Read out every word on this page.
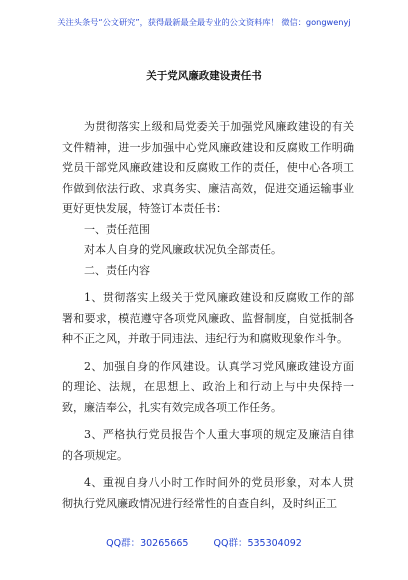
关注头条号“公文研究”，获得最新最全最专业的公文资料库！ 微信：gongwenyj
关于党风廉政建设责任书

为贯彻落实上级和局党委关于加强党风廉政建设的有关文件精神，进一步加强中心党风廉政建设和反腐败工作明确党员干部党风廉政建设和反腐败工作的责任，使中心各项工作做到依法行政、求真务实、廉洁高效，促进交通运输事业更好更快发展，特签订本责任书：

一、责任范围

对本人自身的党风廉政状况负全部责任。

二、责任内容

1、贯彻落实上级关于党风廉政建设和反腐败工作的部署和要求，模范遵守各项党风廉政、监督制度，自觉抵制各种不正之风，并敢于同违法、违纪行为和腐败现象作斗争。

2、加强自身的作风建设。认真学习党风廉政建设方面的理论、法规，在思想上、政治上和行动上与中央保持一致，廉洁奉公，扎实有效完成各项工作任务。

3、严格执行党员报告个人重大事项的规定及廉洁自律的各项规定。

4、重视自身八小时工作时间外的党员形象，对本人贯彻执行党风廉政情况进行经常性的自查自纠，及时纠正工

QQ群：30265665	QQ群：535304092
